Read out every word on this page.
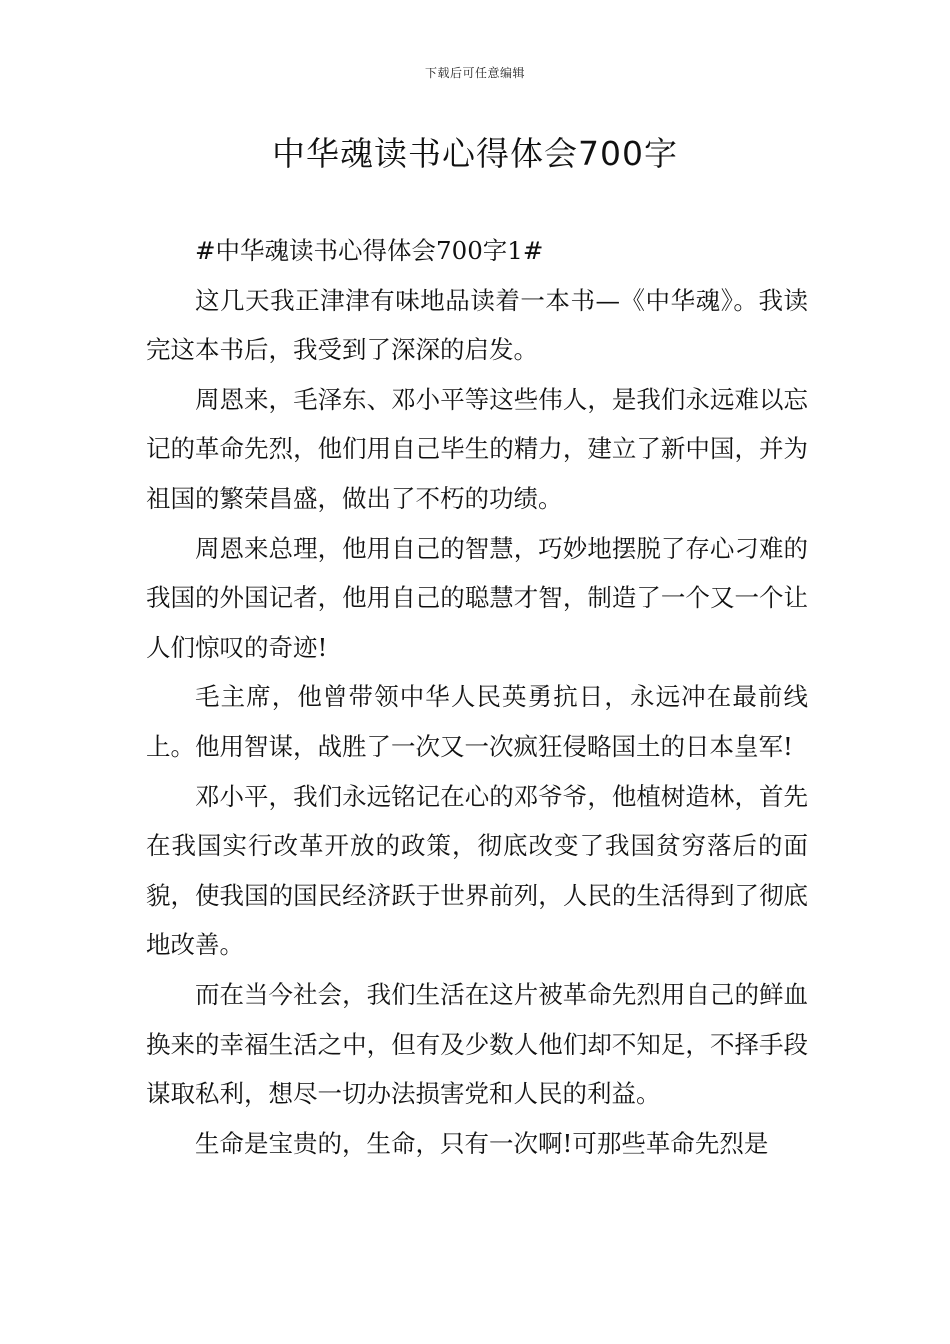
下载后可任意编辑
中华魂读书心得体会700字

#中华魂读书心得体会700字1#

这几天我正津津有味地品读着一本书—《中华魂》。我读完这本书后，我受到了深深的启发。

周恩来，毛泽东、邓小平等这些伟人，是我们永远难以忘记的革命先烈，他们用自己毕生的精力，建立了新中国，并为祖国的繁荣昌盛，做出了不朽的功绩。

周恩来总理，他用自己的智慧，巧妙地摆脱了存心刁难的我国的外国记者，他用自己的聪慧才智，制造了一个又一个让人们惊叹的奇迹!

毛主席，他曾带领中华人民英勇抗日，永远冲在最前线上。他用智谋，战胜了一次又一次疯狂侵略国土的日本皇军!

邓小平，我们永远铭记在心的邓爷爷，他植树造林，首先在我国实行改革开放的政策，彻底改变了我国贫穷落后的面貌，使我国的国民经济跃于世界前列，人民的生活得到了彻底地改善。

而在当今社会，我们生活在这片被革命先烈用自己的鲜血换来的幸福生活之中，但有及少数人他们却不知足，不择手段谋取私利，想尽一切办法损害党和人民的利益。

生命是宝贵的，生命，只有一次啊!可那些革命先烈是
